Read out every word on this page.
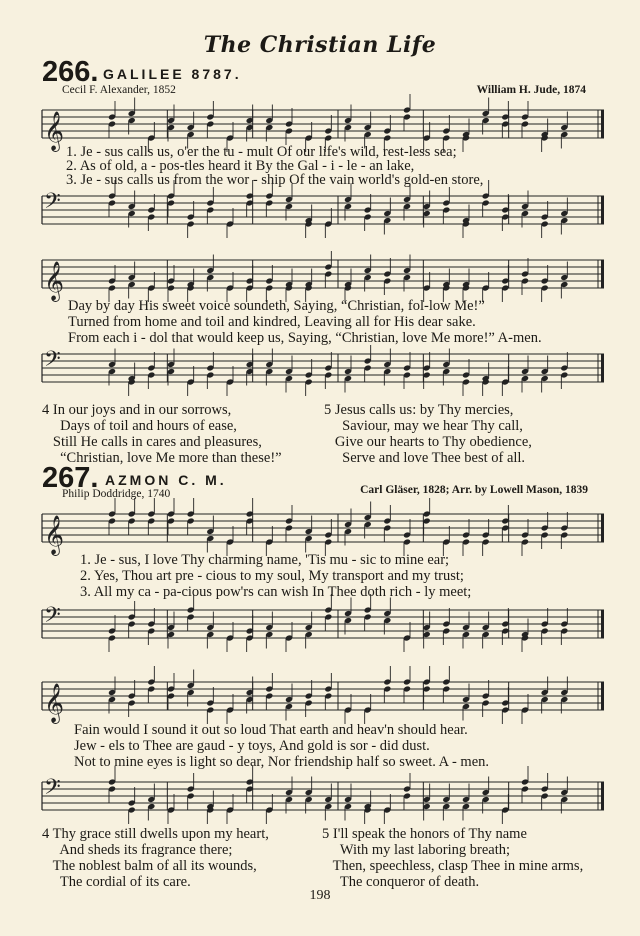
The Christian Life
266. GALILEE 8787.
Cecil F. Alexander, 1852	William H. Jude, 1874
𝄞
1. Je - sus calls us, o'er the tu - mult Of our life's wild, rest-less sea;
2. As of old, a - pos-tles heard it By the Gal - i - le - an lake,
3. Je - sus calls us from the wor - ship Of the vain world's gold-en store,
𝄢
𝄞
Day by day His sweet voice soundeth, Saying, “Christian, fol-low Me!”
Turned from home and toil and kindred, Leaving all for His dear sake.
From each i - dol that would keep us, Saying, “Christian, love Me more!” A-men.
𝄢
4 In our joys and in our sorrows,
Days of toil and hours of ease,
Still He calls in cares and pleasures,
“Christian, love Me more than these!”
5 Jesus calls us: by Thy mercies,
Saviour, may we hear Thy call,
Give our hearts to Thy obedience,
Serve and love Thee best of all.
267. AZMON C. M.
Philip Doddridge, 1740	Carl Gläser, 1828; Arr. by Lowell Mason, 1839
𝄞
1. Je - sus, I love Thy charming name, 'Tis mu - sic to mine ear;
2. Yes, Thou art pre - cious to my soul, My transport and my trust;
3. All my ca - pa-cious pow'rs can wish In Thee doth rich - ly meet;
𝄢
𝄞
Fain would I sound it out so loud That earth and heav'n should hear.
Jew - els to Thee are gaud - y toys, And gold is sor - did dust.
Not to mine eyes is light so dear, Nor friendship half so sweet. A - men.
𝄢
4 Thy grace still dwells upon my heart,
And sheds its fragrance there;
The noblest balm of all its wounds,
The cordial of its care.
5 I'll speak the honors of Thy name
With my last laboring breath;
Then, speechless, clasp Thee in mine arms,
The conqueror of death.
198
